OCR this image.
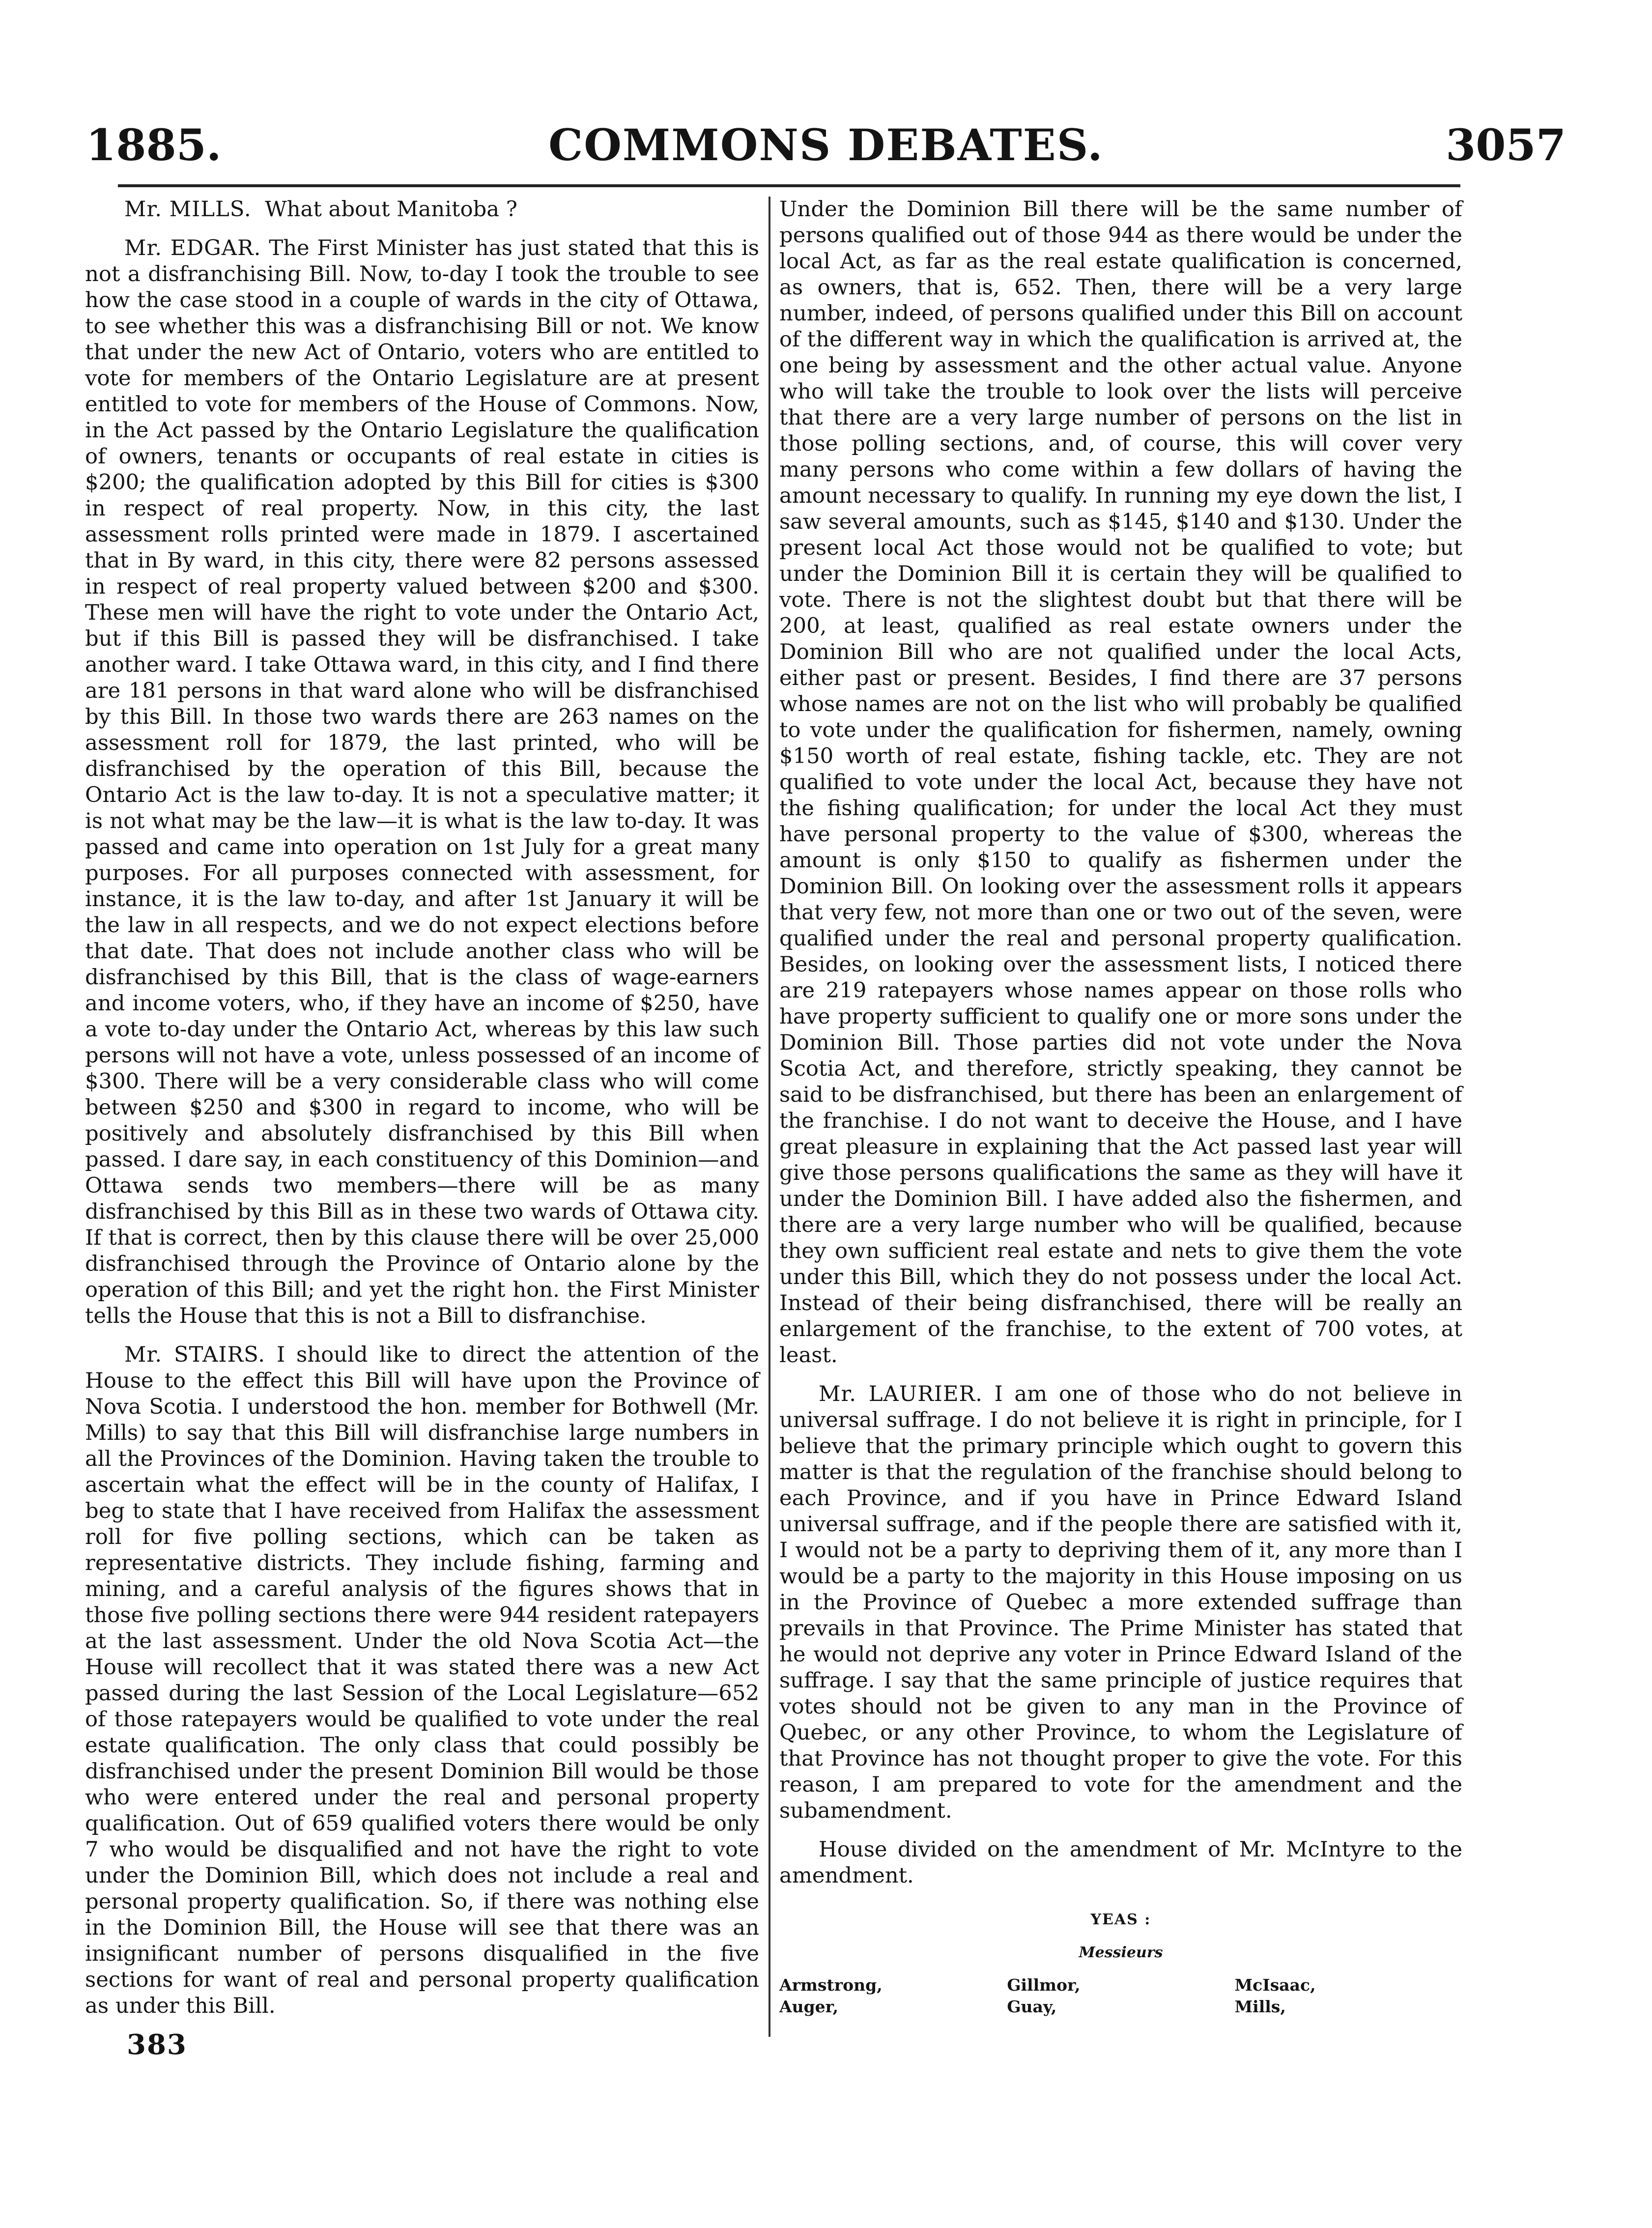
COMMONS DEBATES.
1885.	3057

Mr. MILLS. What about Manitoba ?

Mr. EDGAR. The First Minister has just stated that this is not a disfranchising Bill. Now, to-day I took the trouble to see how the case stood in a couple of wards in the city of Ottawa, to see whether this was a disfranchising Bill or not. We know that under the new Act of Ontario, voters who are entitled to vote for members of the Ontario Legislature are at present entitled to vote for members of the House of Commons. Now, in the Act passed by the Ontario Legislature the qualification of owners, tenants or occupants of real estate in cities is $200; the qualification adopted by this Bill for cities is $300 in respect of real property. Now, in this city, the last assessment rolls printed were made in 1879. I ascertained that in By ward, in this city, there were 82 persons assessed in respect of real property valued between $200 and $300. These men will have the right to vote under the Ontario Act, but if this Bill is passed they will be disfranchised. I take another ward. I take Ottawa ward, in this city, and I find there are 181 persons in that ward alone who will be disfranchised by this Bill. In those two wards there are 263 names on the assessment roll for 1879, the last printed, who will be disfranchised by the operation of this Bill, because the Ontario Act is the law to-day. It is not a speculative matter; it is not what may be the law—it is what is the law to-day. It was passed and came into operation on 1st July for a great many purposes. For all purposes connected with assessment, for instance, it is the law to-day, and after 1st January it will be the law in all respects, and we do not expect elections before that date. That does not include another class who will be disfranchised by this Bill, that is the class of wage-earners and income voters, who, if they have an income of $250, have a vote to-day under the Ontario Act, whereas by this law such persons will not have a vote, unless possessed of an income of $300. There will be a very considerable class who will come between $250 and $300 in regard to income, who will be positively and absolutely disfranchised by this Bill when passed. I dare say, in each constituency of this Dominion—and Ottawa sends two members—there will be as many disfranchised by this Bill as in these two wards of Ottawa city. If that is correct, then by this clause there will be over 25,000 disfranchised through the Province of Ontario alone by the operation of this Bill; and yet the right hon. the First Minister tells the House that this is not a Bill to disfranchise.

Mr. STAIRS. I should like to direct the attention of the House to the effect this Bill will have upon the Province of Nova Scotia. I understood the hon. member for Bothwell (Mr. Mills) to say that this Bill will disfranchise large numbers in all the Provinces of the Dominion. Having taken the trouble to ascertain what the effect will be in the county of Halifax, I beg to state that I have received from Halifax the assessment roll for five polling sections, which can be taken as representative districts. They include fishing, farming and mining, and a careful analysis of the figures shows that in those five polling sections there were 944 resident ratepayers at the last assessment. Under the old Nova Scotia Act—the House will recollect that it was stated there was a new Act passed during the last Session of the Local Legislature—652 of those ratepayers would be qualified to vote under the real estate qualification. The only class that could possibly be disfranchised under the present Dominion Bill would be those who were entered under the real and personal property qualification. Out of 659 qualified voters there would be only 7 who would be disqualified and not have the right to vote under the Dominion Bill, which does not include a real and personal property qualification. So, if there was nothing else in the Dominion Bill, the House will see that there was an insignificant number of persons disqualified in the five sections for want of real and personal property qualification as under this Bill.

Under the Dominion Bill there will be the same number of persons qualified out of those 944 as there would be under the local Act, as far as the real estate qualification is concerned, as owners, that is, 652. Then, there will be a very large number, indeed, of persons qualified under this Bill on account of the different way in which the qualification is arrived at, the one being by assessment and the other actual value. Anyone who will take the trouble to look over the lists will perceive that there are a very large number of persons on the list in those polling sections, and, of course, this will cover very many persons who come within a few dollars of having the amount necessary to qualify. In running my eye down the list, I saw several amounts, such as $145, $140 and $130. Under the present local Act those would not be qualified to vote; but under the Dominion Bill it is certain they will be qualified to vote. There is not the slightest doubt but that there will be 200, at least, qualified as real estate owners under the Dominion Bill who are not qualified under the local Acts, either past or present. Besides, I find there are 37 persons whose names are not on the list who will probably be qualified to vote under the qualification for fishermen, namely, owning $150 worth of real estate, fishing tackle, etc. They are not qualified to vote under the local Act, because they have not the fishing qualification; for under the local Act they must have personal property to the value of $300, whereas the amount is only $150 to qualify as fishermen under the Dominion Bill. On looking over the assessment rolls it appears that very few, not more than one or two out of the seven, were qualified under the real and personal property qualification. Besides, on looking over the assessment lists, I noticed there are 219 ratepayers whose names appear on those rolls who have property sufficient to qualify one or more sons under the Dominion Bill. Those parties did not vote under the Nova Scotia Act, and therefore, strictly speaking, they cannot be said to be disfranchised, but there has been an enlargement of the franchise. I do not want to deceive the House, and I have great pleasure in explaining that the Act passed last year will give those persons qualifications the same as they will have it under the Dominion Bill. I have added also the fishermen, and there are a very large number who will be qualified, because they own sufficient real estate and nets to give them the vote under this Bill, which they do not possess under the local Act. Instead of their being disfranchised, there will be really an enlargement of the franchise, to the extent of 700 votes, at least.

Mr. LAURIER. I am one of those who do not believe in universal suffrage. I do not believe it is right in principle, for I believe that the primary principle which ought to govern this matter is that the regulation of the franchise should belong to each Province, and if you have in Prince Edward Island universal suffrage, and if the people there are satisfied with it, I would not be a party to depriving them of it, any more than I would be a party to the majority in this House imposing on us in the Province of Quebec a more extended suffrage than prevails in that Province. The Prime Minister has stated that he would not deprive any voter in Prince Edward Island of the suffrage. I say that the same principle of justice requires that votes should not be given to any man in the Province of Quebec, or any other Province, to whom the Legislature of that Province has not thought proper to give the vote. For this reason, I am prepared to vote for the amendment and the subamendment.

House divided on the amendment of Mr. McIntyre to the amendment.

YEAS :
Messieurs
Armstrong,	Gillmor,	McIsaac,
Auger,	Guay,	Mills,
383
